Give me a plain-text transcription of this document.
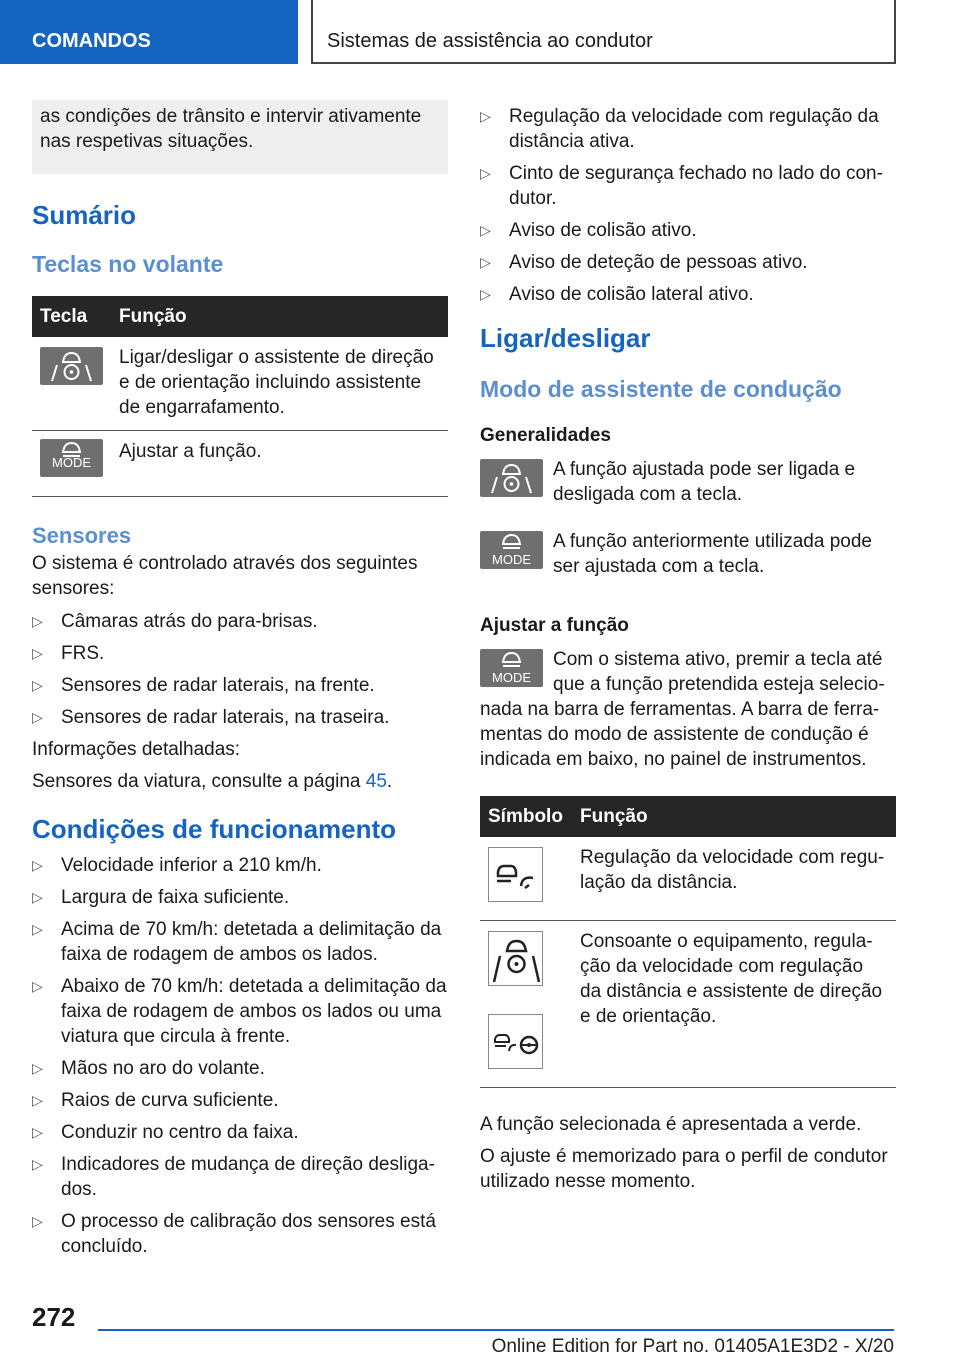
COMANDOS	Sistemas de assistência ao condutor
as condições de trânsito e intervir ativamente nas respetivas situações.
Sumário
Teclas no volante
Tecla	Função

	Ligar/desligar o assistente de direção e de orientação incluindo assistente de engarrafamento.

MODE	Ajustar a função.
Sensores
O sistema é controlado através dos seguintes sensores:
▷ Câmaras atrás do para-brisas.
▷ FRS.
▷ Sensores de radar laterais, na frente.
▷ Sensores de radar laterais, na traseira.
Informações detalhadas:
Sensores da viatura, consulte a página 45.
Condições de funcionamento
▷ Velocidade inferior a 210 km/h.
▷ Largura de faixa suficiente.
▷ Acima de 70 km/h: detetada a delimitação da faixa de rodagem de ambos os lados.
▷ Abaixo de 70 km/h: detetada a delimitação da faixa de rodagem de ambos os lados ou uma viatura que circula à frente.
▷ Mãos no aro do volante.
▷ Raios de curva suficiente.
▷ Conduzir no centro da faixa.
▷ Indicadores de mudança de direção desligados.
▷ O processo de calibração dos sensores está concluído.
▷ Regulação da velocidade com regulação da distância ativa.
▷ Cinto de segurança fechado no lado do condutor.
▷ Aviso de colisão ativo.
▷ Aviso de deteção de pessoas ativo.
▷ Aviso de colisão lateral ativo.
Ligar/desligar
Modo de assistente de condução
Generalidades
A função ajustada pode ser ligada e desligada com a tecla.
MODE
A função anteriormente utilizada pode ser ajustada com a tecla.
Ajustar a função
MODE
Com o sistema ativo, premir a tecla até que a função pretendida esteja selecionada na barra de ferramentas. A barra de ferramentas do modo de assistente de condução é indicada em baixo, no painel de instrumentos.
Símbolo	Função
	Regulação da velocidade com regulação da distância.

	Consoante o equipamento, regulação da velocidade com regulação da distância e assistente de direção e de orientação.
A função selecionada é apresentada a verde.
O ajuste é memorizado para o perfil de condutor utilizado nesse momento.
272
Online Edition for Part no. 01405A1E3D2 - X/20
